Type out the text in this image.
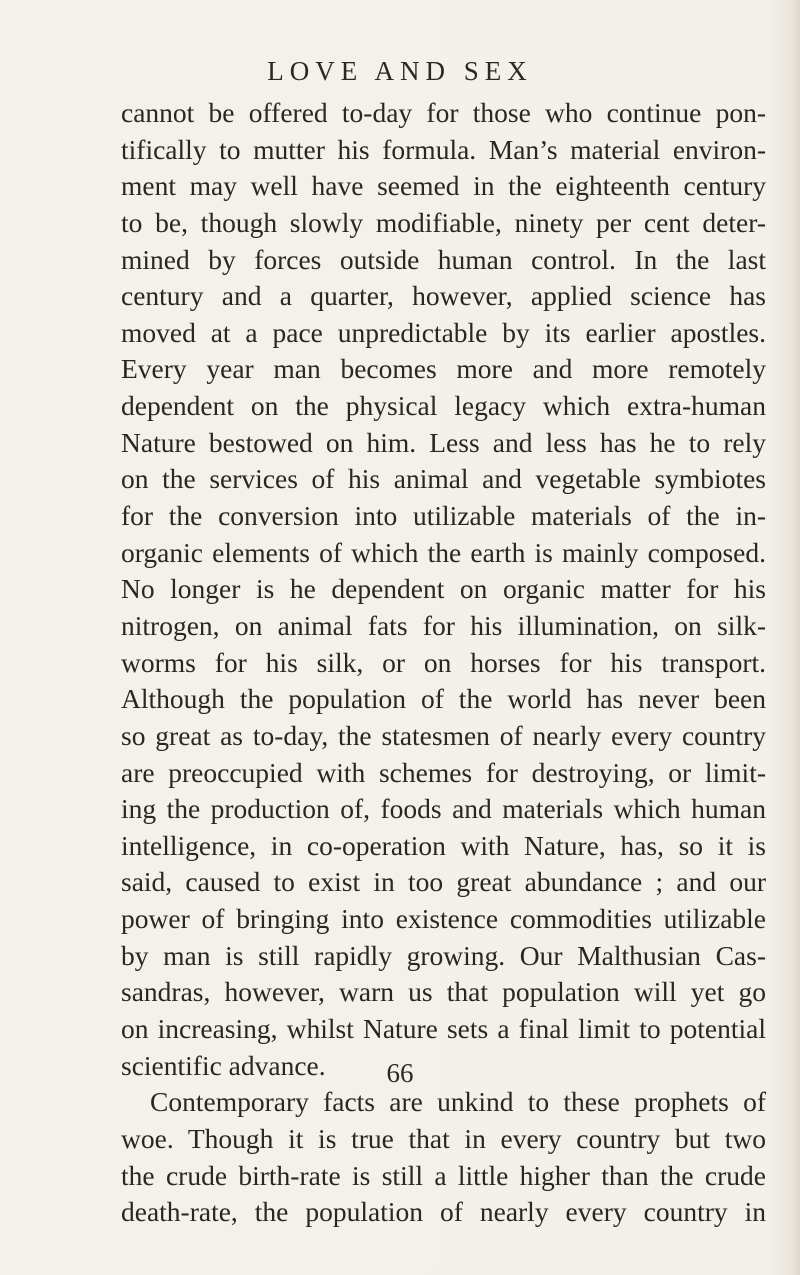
LOVE AND SEX
cannot be offered to-day for those who continue pon-
tifically to mutter his formula. Man’s material environ-
ment may well have seemed in the eighteenth century
to be, though slowly modifiable, ninety per cent deter-
mined by forces outside human control. In the last
century and a quarter, however, applied science has
moved at a pace unpredictable by its earlier apostles.
Every year man becomes more and more remotely
dependent on the physical legacy which extra-human
Nature bestowed on him. Less and less has he to rely
on the services of his animal and vegetable symbiotes
for the conversion into utilizable materials of the in-
organic elements of which the earth is mainly composed.
No longer is he dependent on organic matter for his
nitrogen, on animal fats for his illumination, on silk-
worms for his silk, or on horses for his transport.
Although the population of the world has never been
so great as to-day, the statesmen of nearly every country
are preoccupied with schemes for destroying, or limit-
ing the production of, foods and materials which human
intelligence, in co-operation with Nature, has, so it is
said, caused to exist in too great abundance ; and our
power of bringing into existence commodities utilizable
by man is still rapidly growing. Our Malthusian Cas-
sandras, however, warn us that population will yet go
on increasing, whilst Nature sets a final limit to potential
scientific advance.
Contemporary facts are unkind to these prophets of
woe. Though it is true that in every country but two
the crude birth-rate is still a little higher than the crude
death-rate, the population of nearly every country in
66
